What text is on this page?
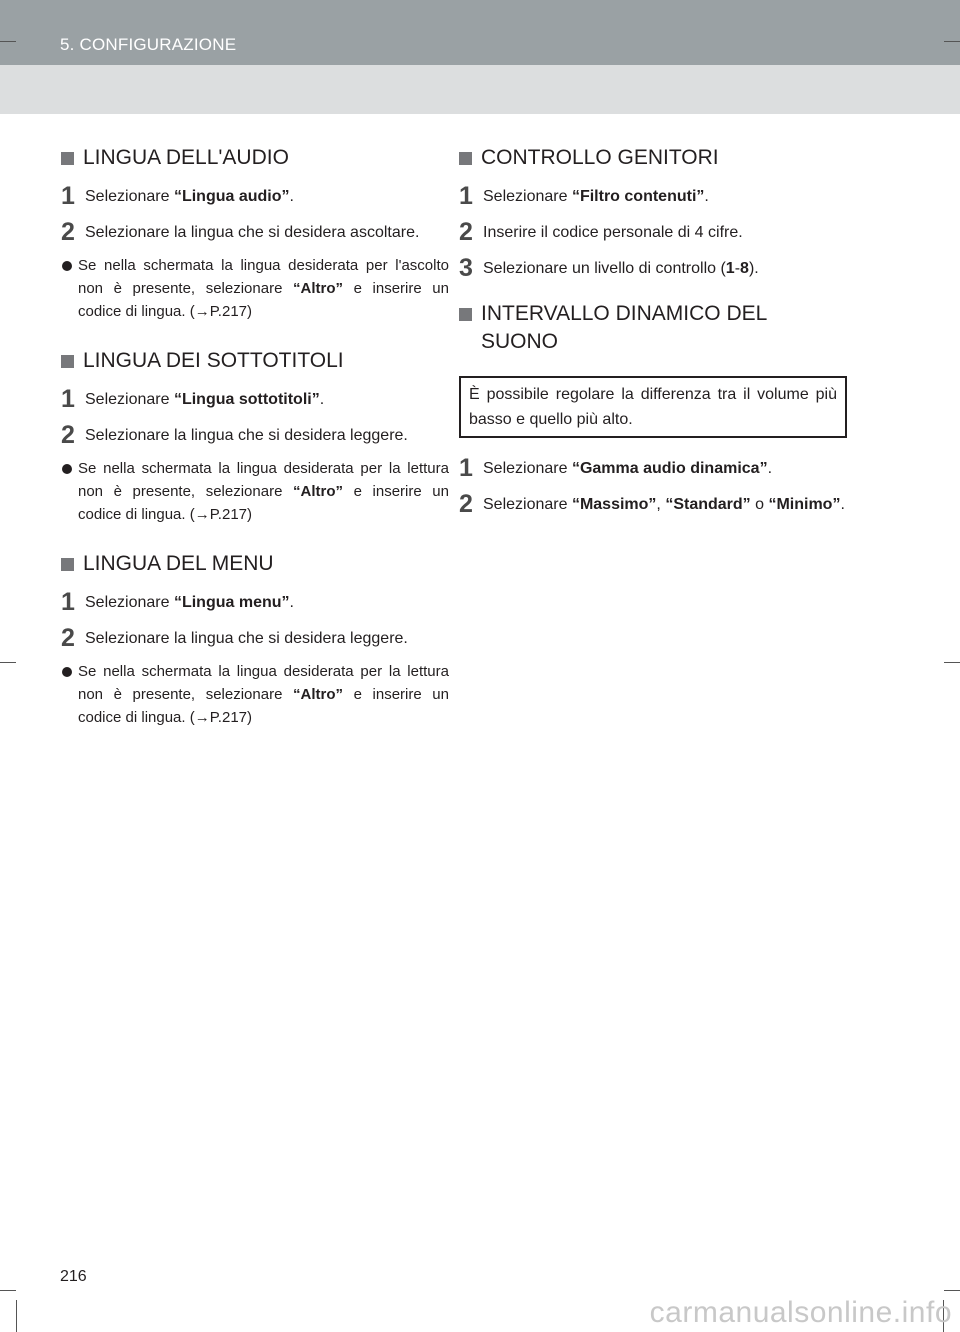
5. CONFIGURAZIONE
LINGUA DELL'AUDIO
1 Selezionare “Lingua audio”.
2 Selezionare la lingua che si desidera ascoltare.
Se nella schermata la lingua desiderata per l'ascolto non è presente, selezionare “Altro” e inserire un codice di lingua. (→P.217)
LINGUA DEI SOTTOTITOLI
1 Selezionare “Lingua sottotitoli”.
2 Selezionare la lingua che si desidera leggere.
Se nella schermata la lingua desiderata per la lettura non è presente, selezionare “Altro” e inserire un codice di lingua. (→P.217)
LINGUA DEL MENU
1 Selezionare “Lingua menu”.
2 Selezionare la lingua che si desidera leggere.
Se nella schermata la lingua desiderata per la lettura non è presente, selezionare “Altro” e inserire un codice di lingua. (→P.217)
CONTROLLO GENITORI
1 Selezionare “Filtro contenuti”.
2 Inserire il codice personale di 4 cifre.
3 Selezionare un livello di controllo (1-8).
INTERVALLO DINAMICO DEL SUONO
È possibile regolare la differenza tra il volume più basso e quello più alto.
1 Selezionare “Gamma audio dinamica”.
2 Selezionare “Massimo”, “Standard” o “Minimo”.
216
carmanualsonline.info
